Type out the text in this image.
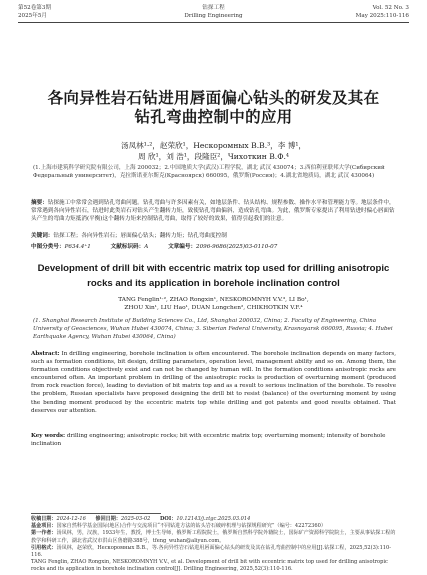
第52卷第3期
2025年5月
钻探工程
Drilling Engineering
Vol. 52 No. 3
May 2025:110-116
各向异性岩石钻进用唇面偏心钻头的研发及其在钻孔弯曲控制中的应用
汤凤林¹·²，赵荣欣¹，Нескоромных В.В.³，李 博¹，
周 欣¹，刘 浩¹，段隆臣²，Чихоткин В.Ф.⁴
(1.上海市建筑科学研究院有限公司，上海 200032；2.中国地质大学(武汉)工程学院，湖北 武汉 430074；3.西伯利亚联邦大学(Сибирский Федеральный университет)，克拉斯诺亚尔斯克(Красноярск) 660095，俄罗斯(Россия)；4.湖北省地质局，湖北 武汉 430064)
摘要：钻探施工中常常会遇到钻孔弯曲问题。钻孔弯曲与许多因素有关，如地层条件、钻头结构、规程参数、操作水平和管理能力等。地层条件中，常常遇到各向异性岩石，钻进时此类岩石对钻头产生翻转力矩，致使钻孔弯曲偏斜，造成钻孔弯曲。为此，俄罗斯专家提出了利用钻进时偏心唇面钻头产生的弯曲力矩抵消(平衡)这个翻转力矩来控制钻孔弯曲，取得了较好的效果，值得引起我们的注意。
关键词：钻探工程；各向异性岩石；唇面偏心钻头；翻转力矩；钻孔弯曲度控制
中图分类号：P634.4⁺1	文献标识码：A	文章编号：2096-9686(2025)03-0110-07
Development of drill bit with eccentric matrix top used for drilling anisotropic rocks and its application in borehole inclination control
TANG Fenglin¹·², ZHAO Rongxin¹, NESKOROMNYH V.V.³, LI Bo¹,
ZHOU Xin¹, LIU Hao¹, DUAN Longchen², CHIKHOTKIN V.F.⁴
(1. Shanghai Research Institute of Building Sciences Co., Ltd, Shanghai 200032, China; 2. Faculty of Engineering, China University of Geosciences, Wuhan Hubei 430074, China; 3. Siberian Federal University, Krasnoyarsk 660095, Russia; 4. Hubei Earthquake Agency, Wuhan Hubei 430064, China)
Abstract: In drilling engineering, borehole inclination is often encountered. The borehole inclination depends on many factors, such as formation conditions, bit design, drilling parameters, operation level, management ability and so on. Among them, the formation conditions objectively exist and can not be changed by human will. In the formation conditions anisotropic rocks are encountered often. An important problem in drilling of the anisotropic rocks is production of overturning moment (produced from rock reaction force), leading to deviation of bit matrix top and as a result to serious inclination of the borehole. To resolve the problem, Russian specialists have proposed designing the drill bit to resist (balance) of the overturning moment by using the bending moment produced by the eccentric matrix top while drilling and got patents and good results obtained. That deserves our attention.
Key words: drilling engineering; anisotropic rocks; bit with eccentric matrix top; overturning moment; intensity of borehole inclination
收稿日期：2024-12-16 修回日期：2025-03-02 DOI：10.12143/j.ztgc.2025.03.014
基金项目：国家自然科学基金国际(地区)合作与交流项目“不同钻进方法的钻头岩石破碎机理与钻探规程研究”（编号：42272360）
第一作者：汤凤林，男，汉族，1933年生，教授，博士生导师，俄罗斯工程院院士，俄罗斯自然科学院外籍院士，国际矿产资源科学院院士，主要从事钻探工程的教学和科研工作，湖北省武汉市洪山区鲁磨路388号，tfeng_wuhan@aliyun.com。
引用格式：汤凤林，赵荣欣，Нескоромных В.В.，等.各向异性岩石钻进用唇面偏心钻头的研发及其在钻孔弯曲控制中的应用[J].钻探工程，2025,52(3):110-116.
TANG Fenglin, ZHAO Rongxin, NESKOROMNYH V.V., et al. Development of drill bit with eccentric matrix top used for drilling anisotropic rocks and its application in borehole inclination control[J]. Drilling Engineering, 2025,52(3):110-116.
